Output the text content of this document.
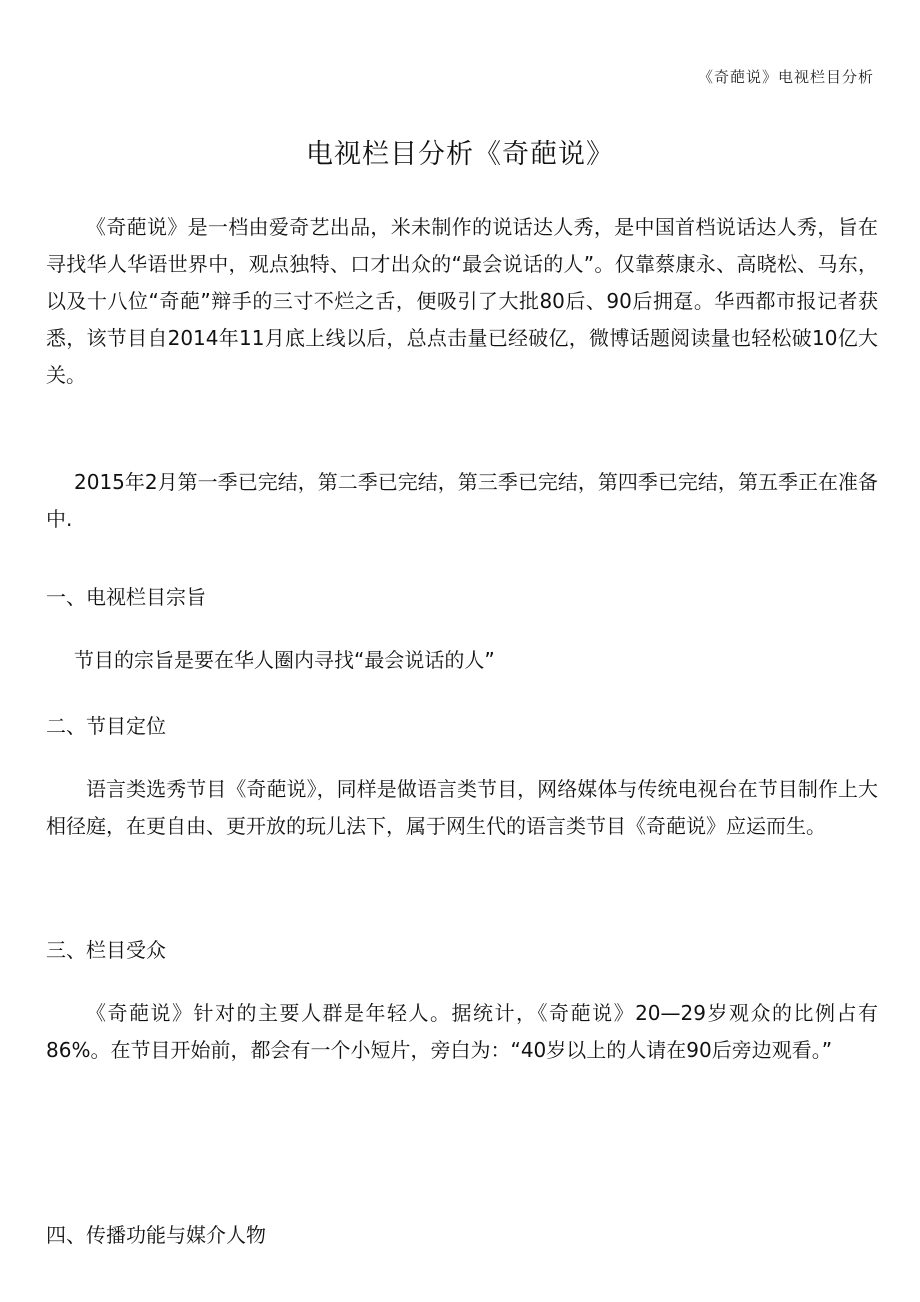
《奇葩说》电视栏目分析
电视栏目分析《奇葩说》

《奇葩说》是一档由爱奇艺出品，米未制作的说话达人秀，是中国首档说话达人秀，旨在寻找华人华语世界中，观点独特、口才出众的“最会说话的人”。仅靠蔡康永、高晓松、马东，以及十八位“奇葩”辩手的三寸不烂之舌，便吸引了大批80后、90后拥趸。华西都市报记者获悉，该节目自2014年11月底上线以后，总点击量已经破亿，微博话题阅读量也轻松破10亿大关。

2015年2月第一季已完结，第二季已完结，第三季已完结，第四季已完结，第五季正在准备中.

一、电视栏目宗旨

节目的宗旨是要在华人圈内寻找“最会说话的人”

二、节目定位

语言类选秀节目《奇葩说》，同样是做语言类节目，网络媒体与传统电视台在节目制作上大相径庭，在更自由、更开放的玩儿法下，属于网生代的语言类节目《奇葩说》应运而生。

三、栏目受众

《奇葩说》针对的主要人群是年轻人。据统计，《奇葩说》20—29岁观众的比例占有86%。在节目开始前，都会有一个小短片，旁白为：“40岁以上的人请在90后旁边观看。”

四、传播功能与媒介人物
